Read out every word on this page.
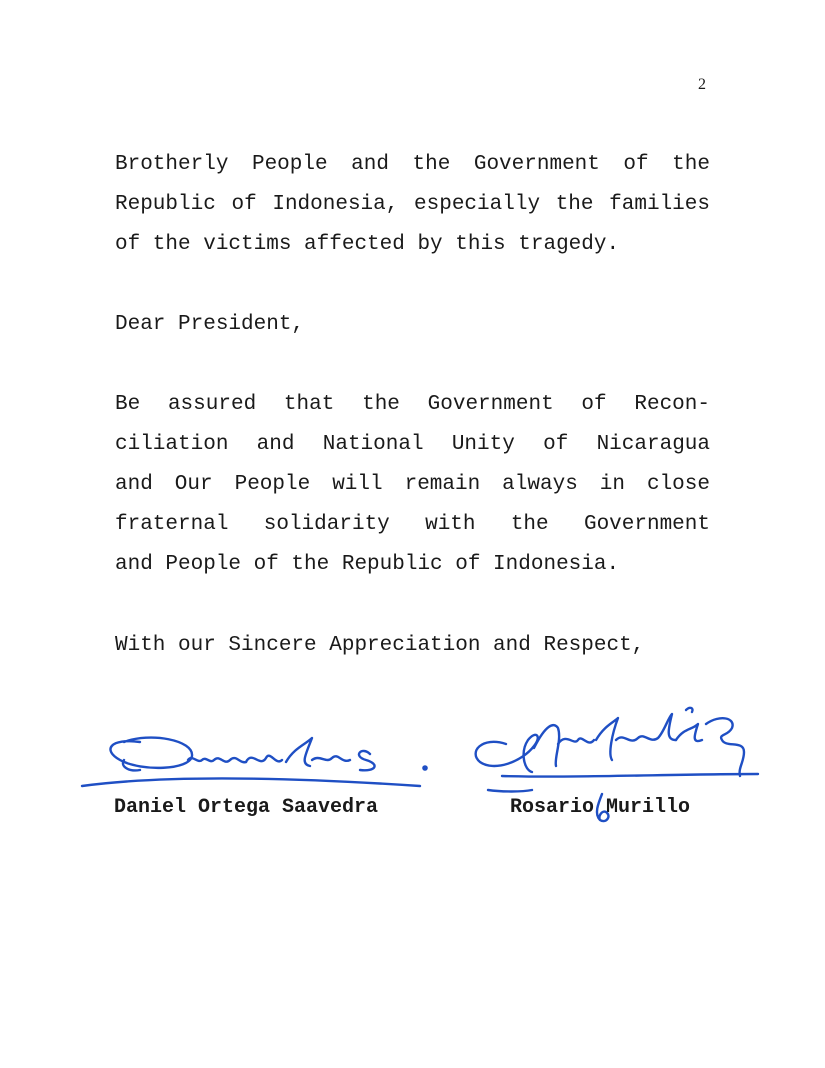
2
Brotherly People and the Government of the
Republic of Indonesia, especially the families
of the victims affected by this tragedy.
Dear President,
Be assured that the Government of Recon-
ciliation and National Unity of Nicaragua
and Our People will remain always in close
fraternal solidarity with the Government
and People of the Republic of Indonesia.
With our Sincere Appreciation and Respect,
Daniel Ortega Saavedra	Rosario Murillo
